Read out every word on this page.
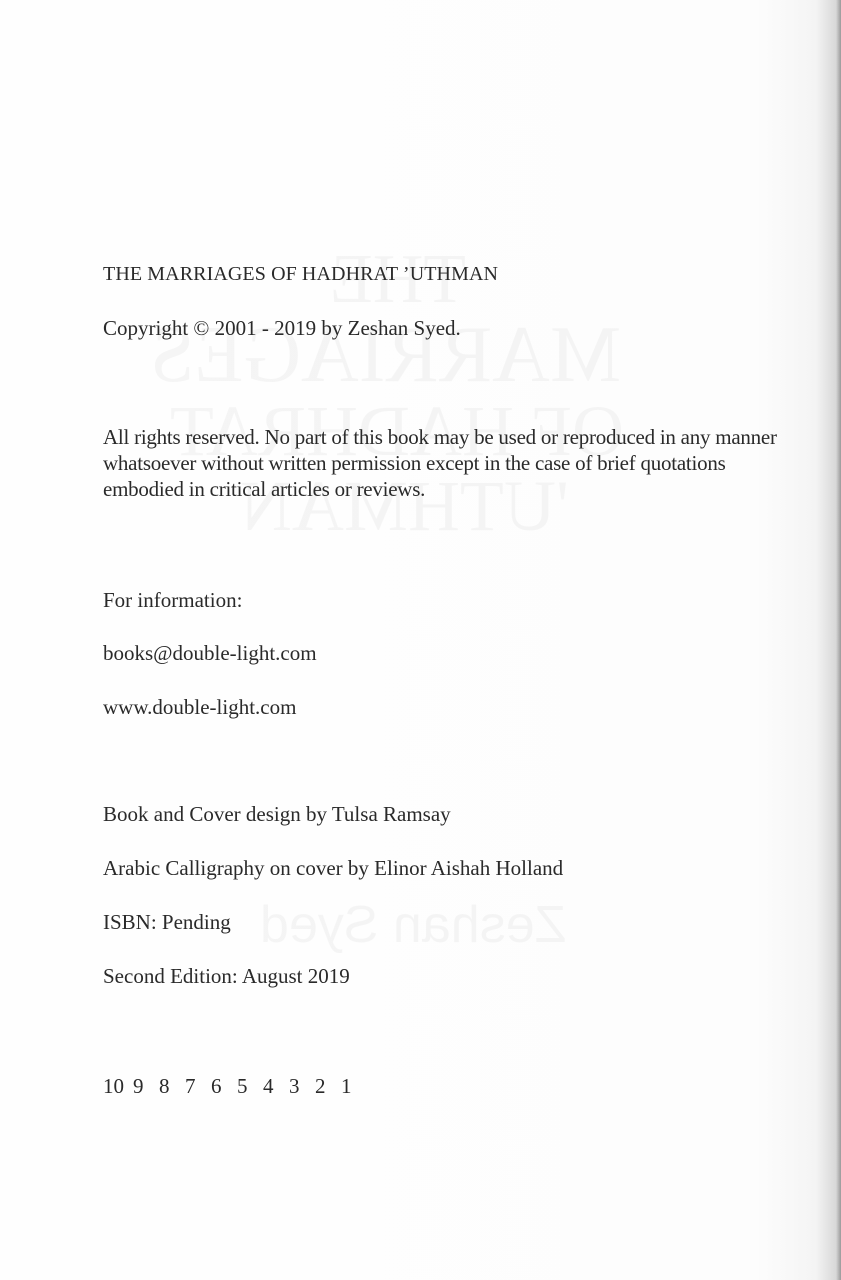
THE MARRIAGES OF HADHRAT ’UTHMAN
Copyright © 2001 - 2019 by Zeshan Syed.
All rights reserved. No part of this book may be used or reproduced in any manner whatsoever without written permission except in the case of brief quotations embodied in critical articles or reviews.
For information:
books@double-light.com
www.double-light.com
Book and Cover design by Tulsa Ramsay
Arabic Calligraphy on cover by Elinor Aishah Holland
ISBN: Pending
Second Edition: August 2019
10 9 8 7 6 5 4 3 2 1
